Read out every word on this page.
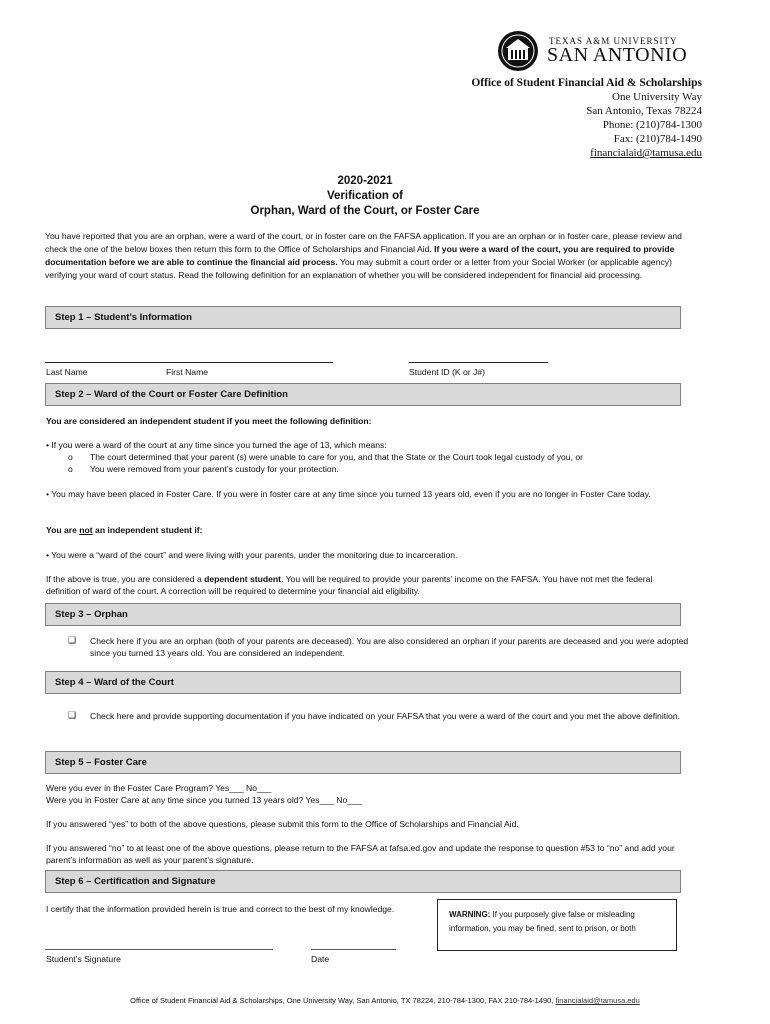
TEXAS A&M UNIVERSITY
SAN ANTONIO
Office of Student Financial Aid & Scholarships
One University Way
San Antonio, Texas 78224
Phone: (210)784-1300
Fax: (210)784-1490
financialaid@tamusa.edu
2020-2021
Verification of
Orphan, Ward of the Court, or Foster Care
You have reported that you are an orphan, were a ward of the court, or in foster care on the FAFSA application. If you are an orphan or in foster care, please review and check the one of the below boxes then return this form to the Office of Scholarships and Financial Aid. If you were a ward of the court, you are required to provide documentation before we are able to continue the financial aid process. You may submit a court order or a letter from your Social Worker (or applicable agency) verifying your ward of court status. Read the following definition for an explanation of whether you will be considered independent for financial aid processing.
Step 1 – Student’s Information
Last Name	First Name	Student ID (K or J#)
Step 2 – Ward of the Court or Foster Care Definition
You are considered an independent student if you meet the following definition:
• If you were a ward of the court at any time since you turned the age of 13, which means:
o The court determined that your parent (s) were unable to care for you, and that the State or the Court took legal custody of you, or
o You were removed from your parent’s custody for your protection.
• You may have been placed in Foster Care. If you were in foster care at any time since you turned 13 years old, even if you are no longer in Foster Care today.
You are not an independent student if:
• You were a “ward of the court” and were living with your parents, under the monitoring due to incarceration.
If the above is true, you are considered a dependent student. You will be required to provide your parents’ income on the FAFSA. You have not met the federal definition of ward of the court. A correction will be required to determine your financial aid eligibility.
Step 3 – Orphan
❑ Check here if you are an orphan (both of your parents are deceased). You are also considered an orphan if your parents are deceased and you were adopted since you turned 13 years old. You are considered an independent.
Step 4 – Ward of the Court
❑ Check here and provide supporting documentation if you have indicated on your FAFSA that you were a ward of the court and you met the above definition.
Step 5 – Foster Care
Were you ever in the Foster Care Program? Yes___ No___
Were you in Foster Care at any time since you turned 13 years old? Yes___ No___
If you answered “yes” to both of the above questions, please submit this form to the Office of Scholarships and Financial Aid.
If you answered “no” to at least one of the above questions, please return to the FAFSA at fafsa.ed.gov and update the response to question #53 to “no” and add your parent’s information as well as your parent’s signature.
Step 6 – Certification and Signature
I certify that the information provided herein is true and correct to the best of my knowledge.
WARNING: If you purposely give false or misleading information, you may be fined, sent to prison, or both
Student’s Signature	Date
Office of Student Financial Aid & Scholarships, One University Way, San Antonio, TX 78224, 210-784-1300, FAX 210-784-1490, financialaid@tamusa.edu
